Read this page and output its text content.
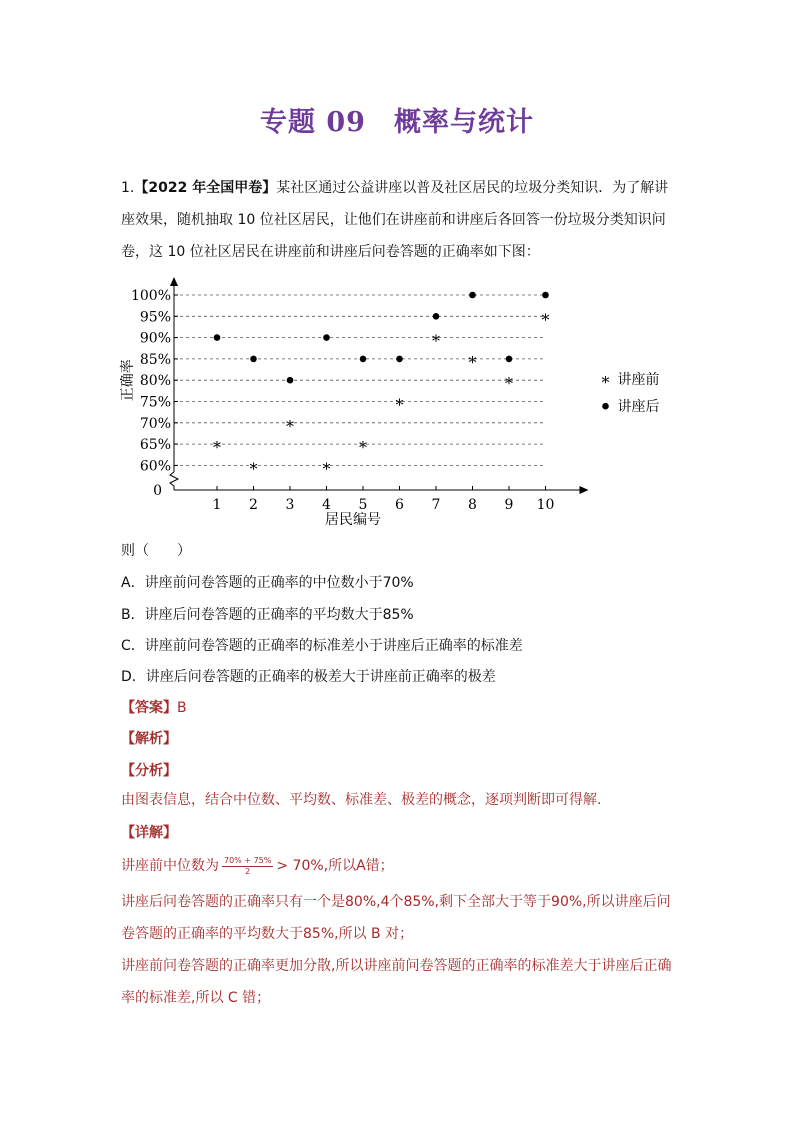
专题 09 概率与统计
1.【2022 年全国甲卷】某社区通过公益讲座以普及社区居民的垃圾分类知识．为了解讲座效果，随机抽取 10 位社区居民，让他们在讲座前和讲座后各回答一份垃圾分类知识问卷，这 10 位社区居民在讲座前和讲座后问卷答题的正确率如下图：
60%
65%
70%
75%
80%
85%
90%
95%
100%
0
1 2 3 4 5 6 7 8 9 10
居民编号
正确率
*
*
*
*
*
*
*
*
*
*
* 讲座前
讲座后
则（　　）
A．讲座前问卷答题的正确率的中位数小于70%
B．讲座后问卷答题的正确率的平均数大于85%
C．讲座前问卷答题的正确率的标准差小于讲座后正确率的标准差
D．讲座后问卷答题的正确率的极差大于讲座前正确率的极差
【答案】B
【解析】
【分析】
由图表信息，结合中位数、平均数、标准差、极差的概念，逐项判断即可得解.
【详解】
讲座前中位数为 $\frac{70\% + 75\%}{2} > 70\%$,所以A错；
讲座后问卷答题的正确率只有一个是80%,4个85%,剩下全部大于等于90%,所以讲座后问卷答题的正确率的平均数大于85%,所以 B 对；
讲座前问卷答题的正确率更加分散,所以讲座前问卷答题的正确率的标准差大于讲座后正确率的标准差,所以 C 错；
